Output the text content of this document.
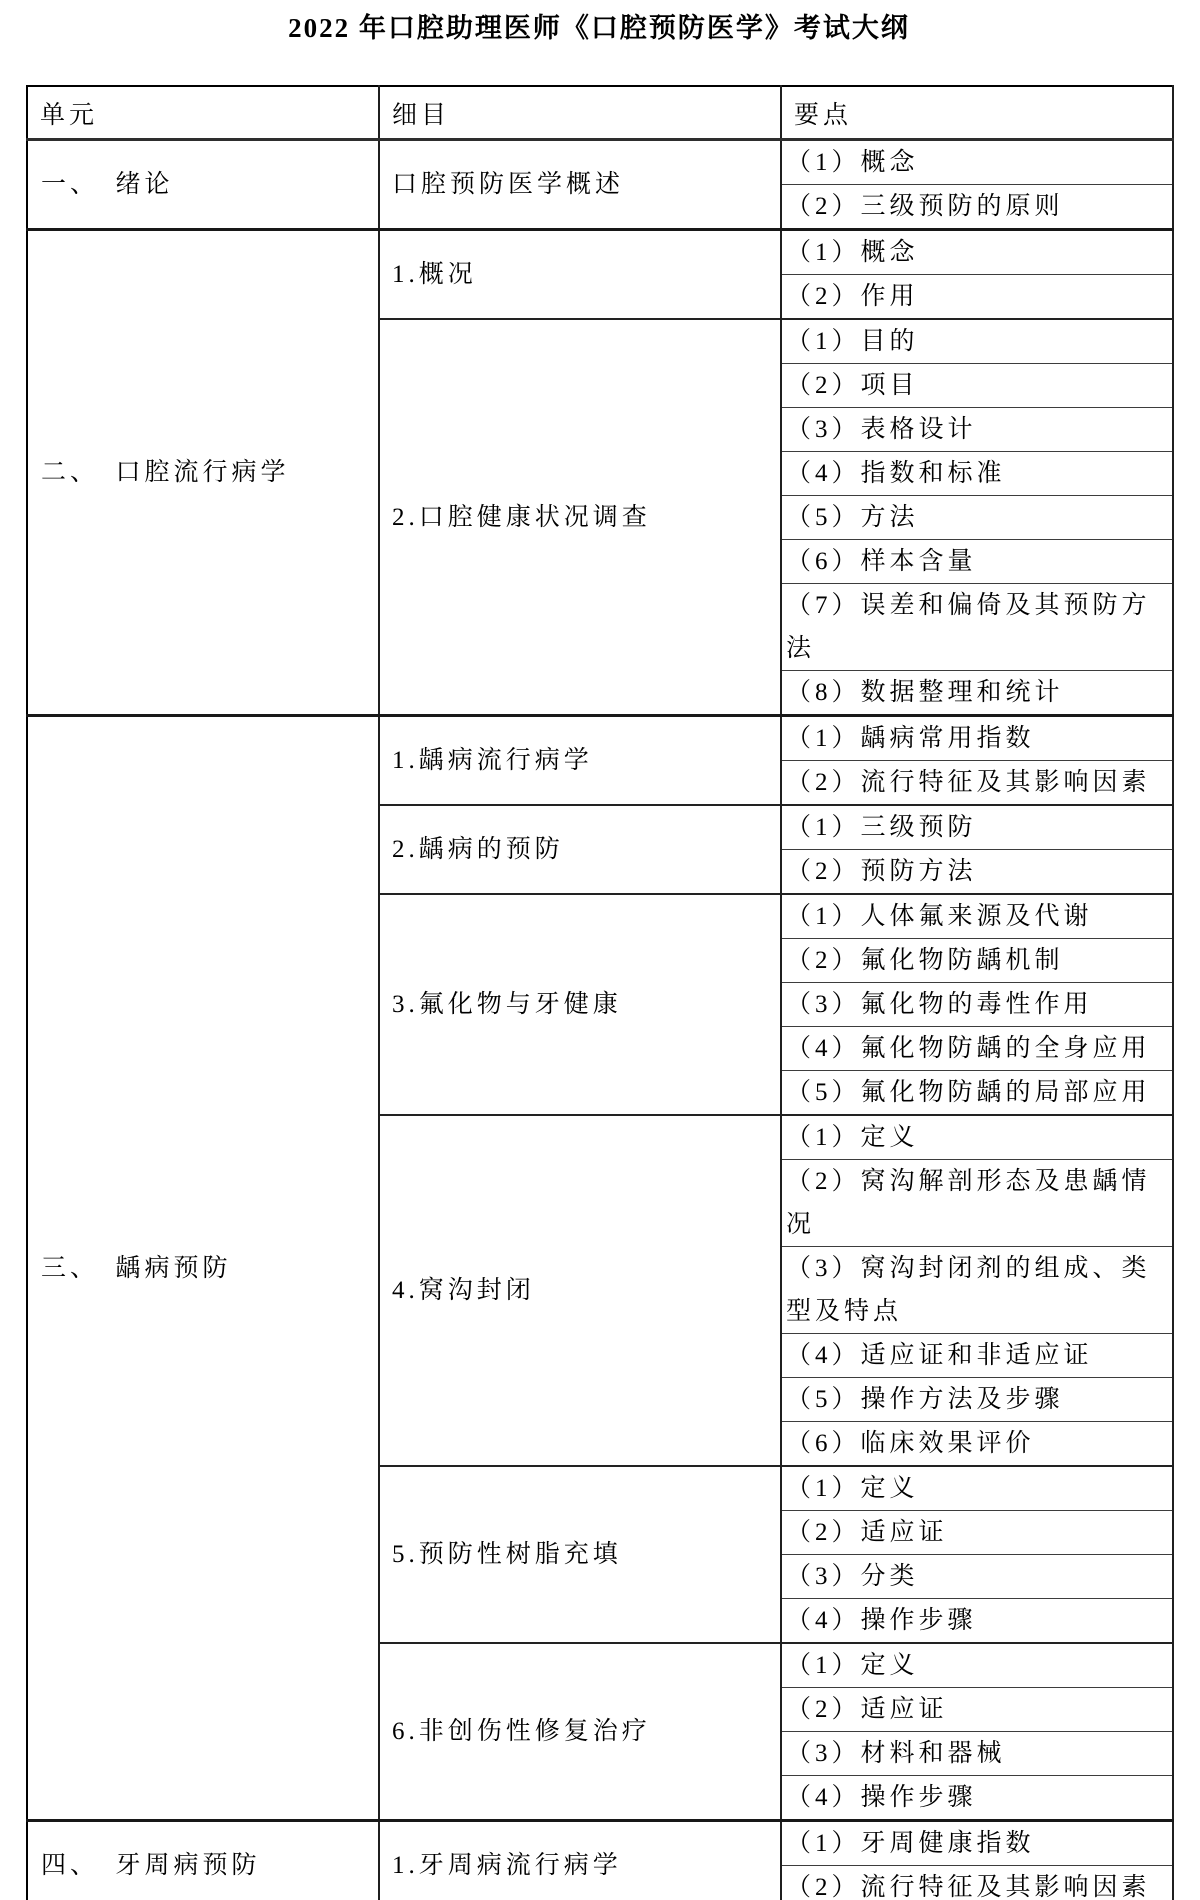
2022 年口腔助理医师《口腔预防医学》考试大纲
单元	细目	要点
一、　绪论	口腔预防医学概述	（1）概念

		（2）三级预防的原则

二、　口腔流行病学	1.概况	（1）概念

		（2）作用

	2.口腔健康状况调查	（1）目的

		（2）项目

		（3）表格设计

		（4）指数和标准

		（5）方法

		（6）样本含量

		（7）误差和偏倚及其预防方法

		（8）数据整理和统计

三、　龋病预防	1.龋病流行病学	（1）龋病常用指数

		（2）流行特征及其影响因素

	2.龋病的预防	（1）三级预防

		（2）预防方法

	3.氟化物与牙健康	（1）人体氟来源及代谢

		（2）氟化物防龋机制

		（3）氟化物的毒性作用

		（4）氟化物防龋的全身应用

		（5）氟化物防龋的局部应用

	4.窝沟封闭	（1）定义

		（2）窝沟解剖形态及患龋情况

		（3）窝沟封闭剂的组成、类型及特点

		（4）适应证和非适应证

		（5）操作方法及步骤

		（6）临床效果评价

	5.预防性树脂充填	（1）定义

		（2）适应证

		（3）分类

		（4）操作步骤

	6.非创伤性修复治疗	（1）定义

		（2）适应证

		（3）材料和器械

		（4）操作步骤

四、　牙周病预防	1.牙周病流行病学	（1）牙周健康指数

		（2）流行特征及其影响因素
